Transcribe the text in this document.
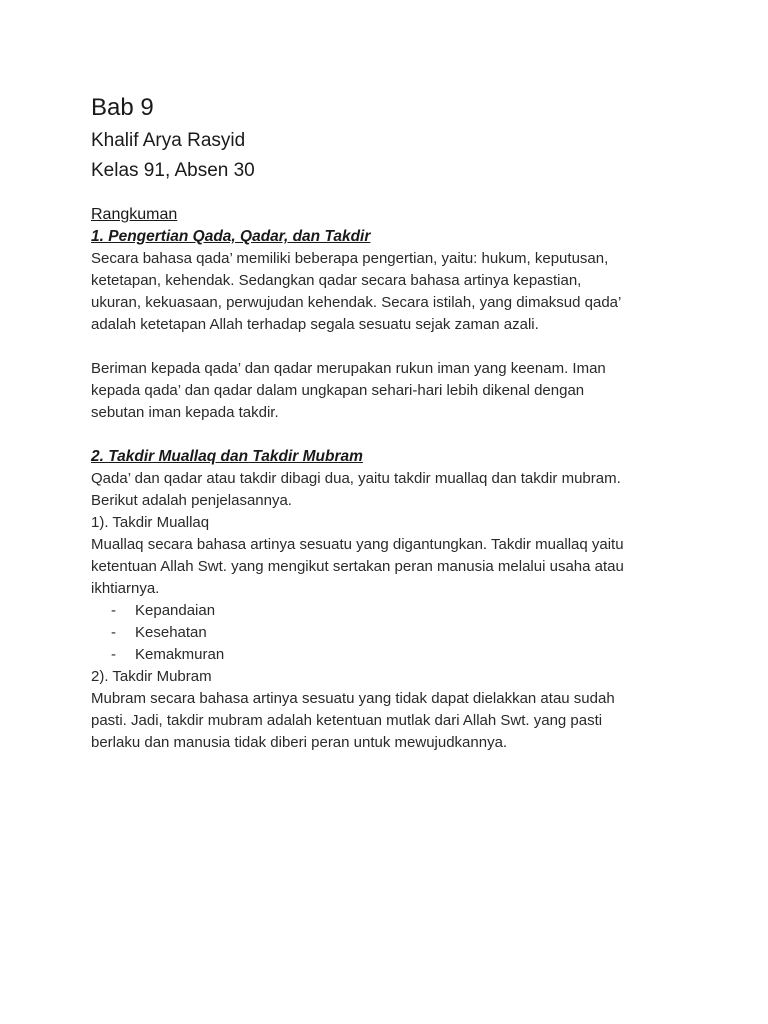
Bab 9

Khalif Arya Rasyid

Kelas 91, Absen 30

Rangkuman

1. Pengertian Qada, Qadar, dan Takdir

Secara bahasa qada’ memiliki beberapa pengertian, yaitu: hukum, keputusan,
ketetapan, kehendak. Sedangkan qadar secara bahasa artinya kepastian,
ukuran, kekuasaan, perwujudan kehendak. Secara istilah, yang dimaksud qada’
adalah ketetapan Allah terhadap segala sesuatu sejak zaman azali.

Beriman kepada qada’ dan qadar merupakan rukun iman yang keenam. Iman
kepada qada’ dan qadar dalam ungkapan sehari-hari lebih dikenal dengan
sebutan iman kepada takdir.

2. Takdir Muallaq dan Takdir Mubram

Qada’ dan qadar atau takdir dibagi dua, yaitu takdir muallaq dan takdir mubram.
Berikut adalah penjelasannya.

1). Takdir Muallaq

Muallaq secara bahasa artinya sesuatu yang digantungkan. Takdir muallaq yaitu
ketentuan Allah Swt. yang mengikut sertakan peran manusia melalui usaha atau
ikhtiarnya.

- Kepandaian
- Kesehatan
- Kemakmuran

2). Takdir Mubram

Mubram secara bahasa artinya sesuatu yang tidak dapat dielakkan atau sudah
pasti. Jadi, takdir mubram adalah ketentuan mutlak dari Allah Swt. yang pasti
berlaku dan manusia tidak diberi peran untuk mewujudkannya.
